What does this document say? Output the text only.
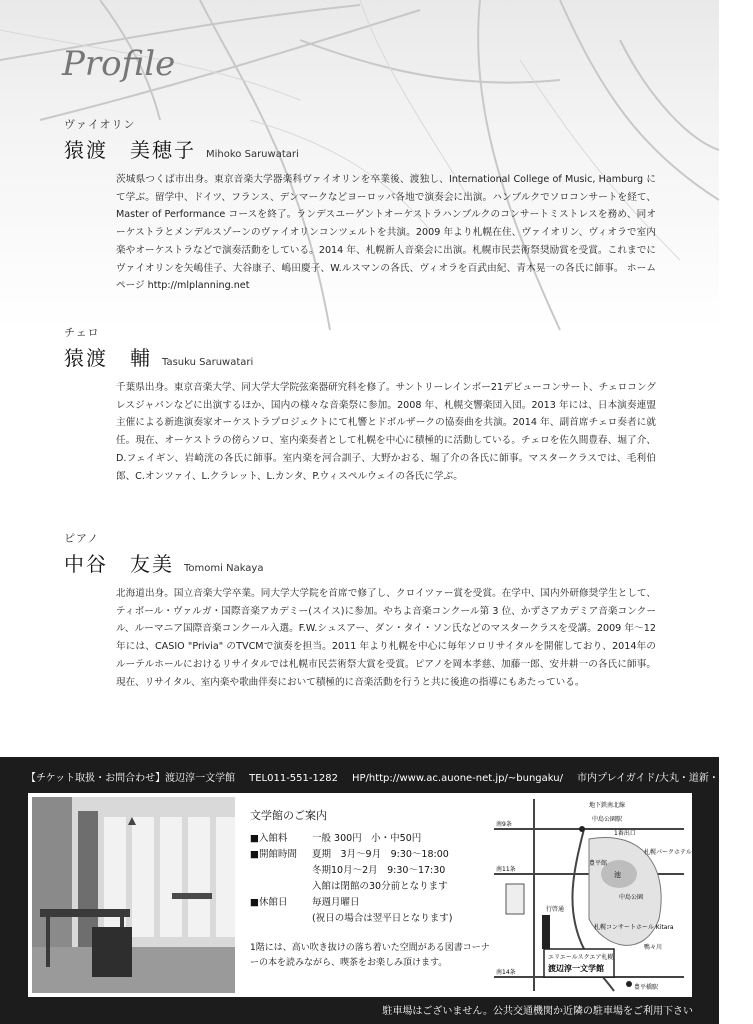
Profile
ヴァイオリン
猿渡　美穂子 Mihoko Saruwatari

茨城県つくば市出身。東京音楽大学器楽科ヴァイオリンを卒業後、渡独し、International College of Music, Hamburg にて学ぶ。留学中、ドイツ、フランス、デンマークなどヨーロッパ各地で演奏会に出演。ハンブルクでソロコンサートを経て、Master of Performance コースを終了。ランデスユーゲントオーケストラハンブルクのコンサートミストレスを務め、同オーケストラとメンデルスゾーンのヴァイオリンコンツェルトを共演。2009 年より札幌在住、ヴァイオリン、ヴィオラで室内楽やオーケストラなどで演奏活動をしている。2014 年、札幌新人音楽会に出演。札幌市民芸術祭奨励賞を受賞。これまでにヴァイオリンを矢嶋佳子、大谷康子、嶋田慶子、W.ルスマンの各氏、ヴィオラを百武由紀、青木晃一の各氏に師事。 ホームページ http://mlplanning.net

チェロ
猿渡　輔 Tasuku Saruwatari

千葉県出身。東京音楽大学、同大学大学院弦楽器研究科を修了。サントリーレインボー21デビューコンサート、チェロコングレスジャパンなどに出演するほか、国内の様々な音楽祭に参加。2008 年、札幌交響楽団入団。2013 年には、日本演奏連盟主催による新進演奏家オーケストラプロジェクトにて札響とドボルザークの協奏曲を共演。2014 年、副首席チェロ奏者に就任。現在、オーケストラの傍らソロ、室内楽奏者として札幌を中心に積極的に活動している。チェロを佐久間豊春、堀了介、D.フェイギン、岩崎洸の各氏に師事。室内楽を河合訓子、大野かおる、堀了介の各氏に師事。マスタークラスでは、毛利伯郎、C.オンツァイ、L.クラレット、L.カンタ、P.ウィスペルウェイの各氏に学ぶ。

ピアノ
中谷　友美 Tomomi Nakaya

北海道出身。国立音楽大学卒業。同大学大学院を首席で修了し、クロイツァー賞を受賞。在学中、国内外研修奨学生として、ティボール・ヴァルガ・国際音楽アカデミー(スイス)に参加。やちよ音楽コンクール第 3 位、かずさアカデミア音楽コンクール、ルーマニア国際音楽コンクール入選。F.W.シュスアー、ダン・タイ・ソン氏などのマスタークラスを受講。2009 年〜12 年には、CASIO "Privia" のTVCMで演奏を担当。2011 年より札幌を中心に毎年ソロリサイタルを開催しており、2014年のルーテルホールにおけるリサイタルでは札幌市民芸術祭大賞を受賞。ピアノを岡本孝慈、加藤一郎、安井耕一の各氏に師事。現在、リサイタル、室内楽や歌曲伴奏において積極的に音楽活動を行うと共に後進の指導にもあたっている。

【チケット取扱・お問合わせ】渡辺淳一文学館 TEL011-551-1282 HP/http://www.ac.auone-net.jp/~bungaku/ 市内プレイガイド/大丸・道新・教文
文学館のご案内
■入館料	一般 300円　小・中50円
■開館時間	夏期　3月〜9月　9:30〜18:00
冬期10月〜2月　9:30〜17:30
入館は閉館の30分前となります
■休館日	毎週月曜日
(祝日の場合は翌平日となります)

1階には、高い吹き抜けの落ち着いた空間がある図書コーナーの本を読みながら、喫茶をお楽しみ頂けます。

地下鉄南北線
南9条
中島公園駅
1番出口
南11条
南14条
札幌パークホテル
札幌コンサートホール Kitara
池
中島公園
豊平館
行啓通
鴨々川
豊平橋駅
エリエールスクエア札幌
渡辺淳一文学館
駐車場はございません。公共交通機関か近隣の駐車場をご利用下さい
